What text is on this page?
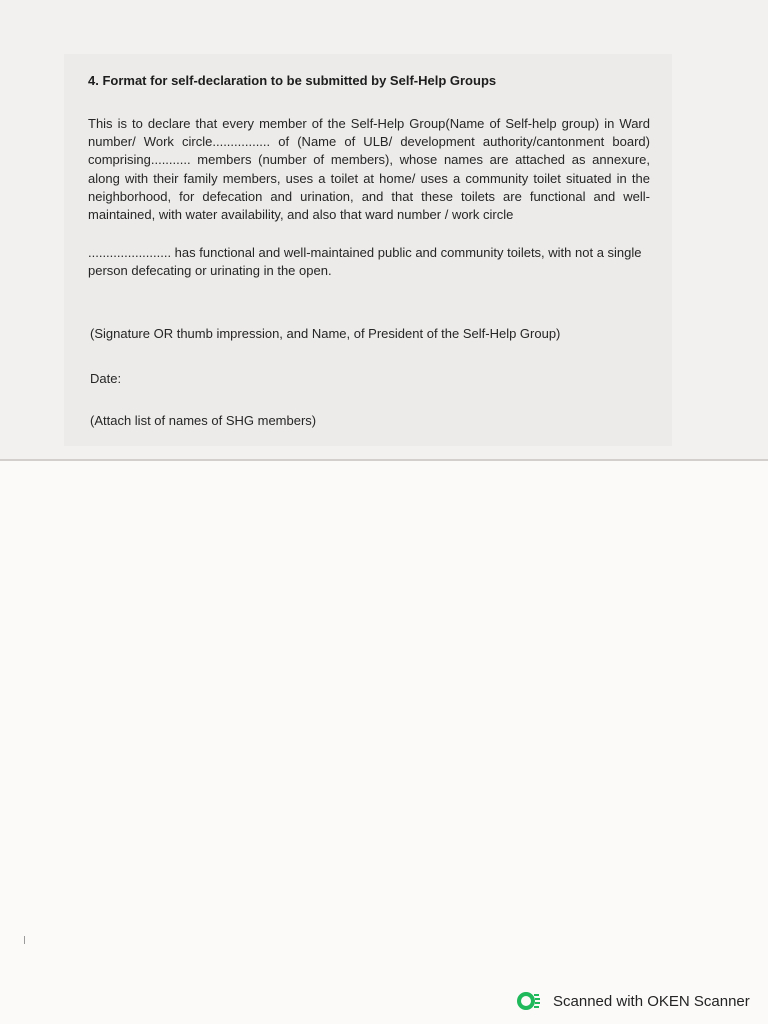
4. Format for self-declaration to be submitted by Self-Help Groups

This is to declare that every member of the Self-Help Group(Name of Self-help group) in Ward number/ Work circle................ of (Name of ULB/ development authority/cantonment board) comprising........... members (number of members), whose names are attached as annexure, along with their family members, uses a toilet at home/ uses a community toilet situated in the neighborhood, for defecation and urination, and that these toilets are functional and well-maintained, with water availability, and also that ward number / work circle

....................... has functional and well-maintained public and community toilets, with not a single person defecating or urinating in the open.

(Signature OR thumb impression, and Name, of President of the Self-Help Group)

Date:

(Attach list of names of SHG members)

Scanned with OKEN Scanner
